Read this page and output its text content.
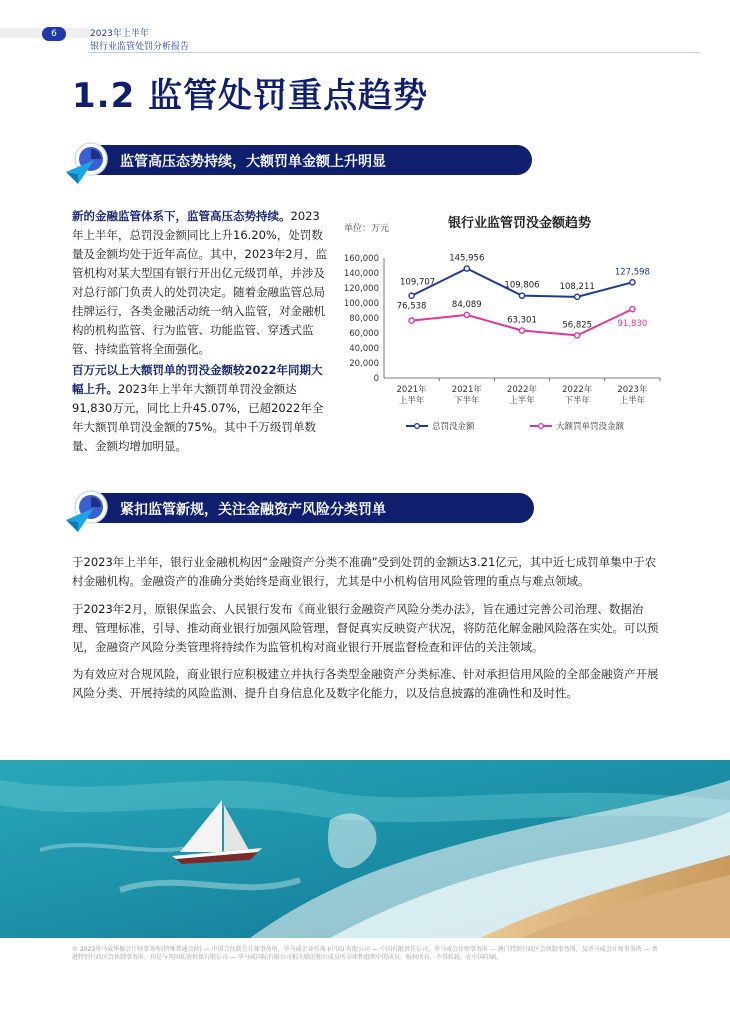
6	2023年上半年
银行业监管处罚分析报告
1.2 监管处罚重点趋势
监管高压态势持续，大额罚单金额上升明显

新的金融监管体系下，监管高压态势持续。2023年上半年，总罚没金额同比上升16.20%，处罚数量及金额均处于近年高位。其中，2023年2月，监管机构对某大型国有银行开出亿元级罚单，并涉及对总行部门负责人的处罚决定。随着金融监管总局挂牌运行，各类金融活动统一纳入监管，对金融机构的机构监管、行为监管、功能监管、穿透式监管、持续监管将全面强化。

百万元以上大额罚单的罚没金额较2022年同期大幅上升。2023年上半年大额罚单罚没金额达91,830万元，同比上升45.07%，已超2022年全年大额罚单罚没金额的75%。其中千万级罚单数量、金额均增加明显。

银行业监管罚没金额趋势
单位：万元
160,000
140,000
120,000
100,000
80,000
60,000
40,000
20,000
0
2021年
上半年
2021年
下半年
2022年
上半年
2022年
下半年
2023年
上半年
109,707
145,956
109,806 108,211
127,598
76,538	84,089
63,301	56,825	91,830
总罚没金额	大额罚单罚没金额
紧扣监管新规，关注金融资产风险分类罚单
于2023年上半年，银行业金融机构因“金融资产分类不准确”受到处罚的金额达3.21亿元，其中近七成罚单集中于农村金融机构。金融资产的准确分类始终是商业银行，尤其是中小机构信用风险管理的重点与难点领域。
于2023年2月，原银保监会、人民银行发布《商业银行金融资产风险分类办法》，旨在通过完善公司治理、数据治理、管理标准，引导、推动商业银行加强风险管理，督促真实反映资产状况，将防范化解金融风险落在实处。可以预见，金融资产风险分类管理将持续作为监管机构对商业银行开展监督检查和评估的关注领域。
为有效应对合规风险，商业银行应积极建立并执行各类型金融资产分类标准、针对承担信用风险的全部金融资产开展风险分类、开展持续的风险监测、提升自身信息化及数字化能力，以及信息披露的准确性和及时性。
© 2023毕马威华振会计师事务所(特殊普通合伙) — 中国合伙制会计师事务所，毕马威企业咨询 (中国) 有限公司 — 中国有限责任公司，毕马威会计师事务所 — 澳门特别行政区合伙制事务所，及毕马威会计师事务所 — 香港特别行政区合伙制事务所，均是与英国私营担保有限公司 — 毕马威国际有限公司相关联的独立成员所全球性组织中的成员。版权所有，不得转载。在中国印刷。
